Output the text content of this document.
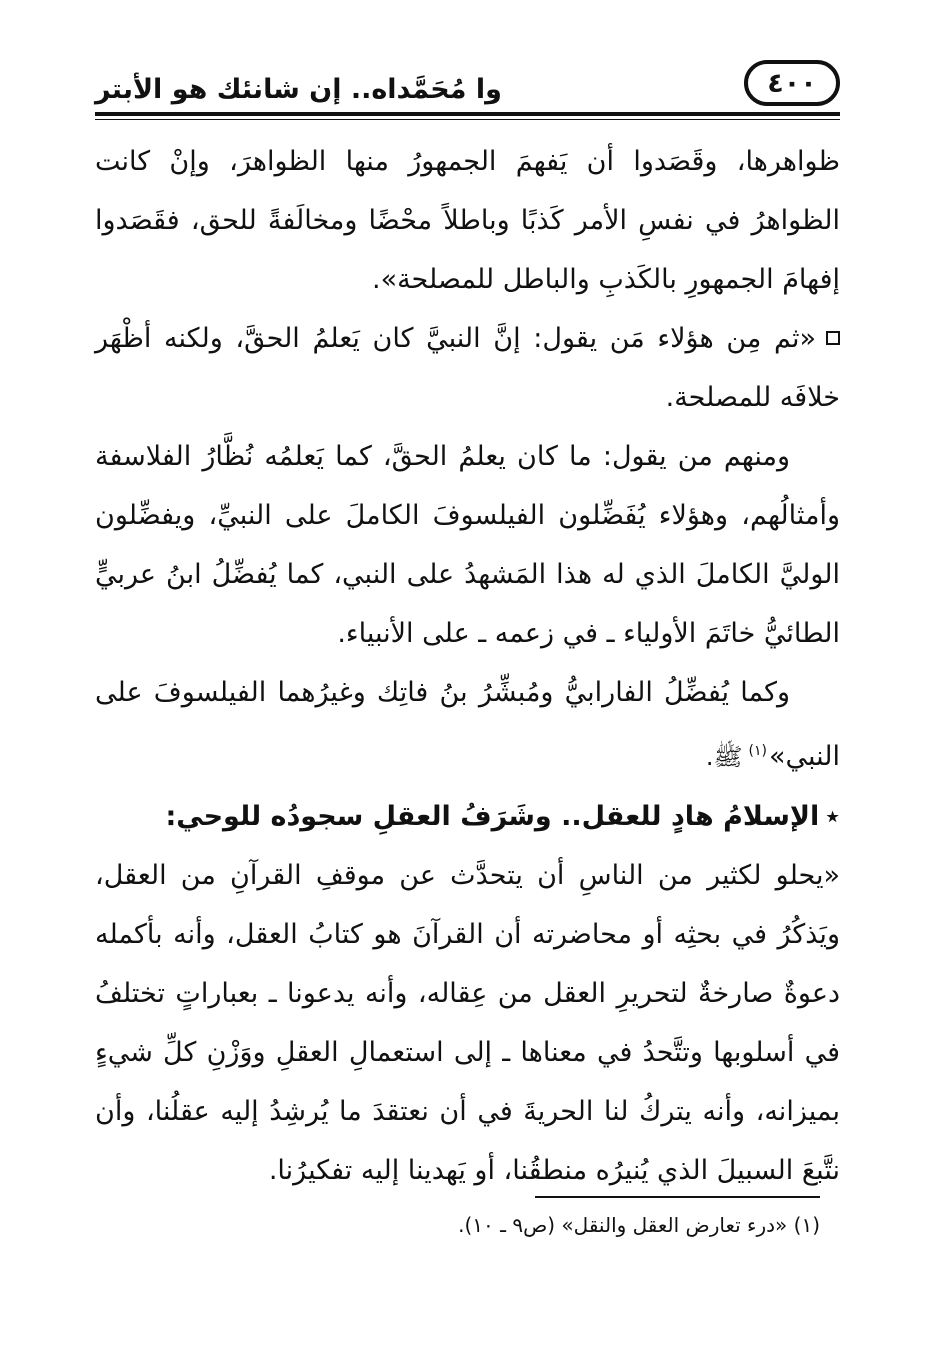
٤٠٠
وا مُحَمَّداه.. إن شانئك هو الأبتر

ظواهرها، وقَصَدوا أن يَفهمَ الجمهورُ منها الظواهرَ، وإنْ كانت الظواهرُ في نفسِ الأمر كَذبًا وباطلاً محْضًا ومخالَفةً للحق، فقَصَدوا إفهامَ الجمهورِ بالكَذبِ والباطل للمصلحة».

«ثم مِن هؤلاء مَن يقول: إنَّ النبيَّ كان يَعلمُ الحقَّ، ولكنه أظْهَر خلافَه للمصلحة.

ومنهم من يقول: ما كان يعلمُ الحقَّ، كما يَعلمُه نُظَّارُ الفلاسفة وأمثالُهم، وهؤلاء يُفَضِّلون الفيلسوفَ الكاملَ على النبيِّ، ويفضِّلون الوليَّ الكاملَ الذي له هذا المَشهدُ على النبي، كما يُفضِّلُ ابنُ عربيٍّ الطائيُّ خاتَمَ الأولياء ـ في زعمه ـ على الأنبياء.

وكما يُفضِّلُ الفارابيُّ ومُبشِّرُ بنُ فاتِك وغيرُهما الفيلسوفَ على النبي»$^{(١)}$ﷺ.

٭الإسلامُ هادٍ للعقل.. وشَرَفُ العقلِ سجودُه للوحي:

«يحلو لكثير من الناسِ أن يتحدَّث عن موقفِ القرآنِ من العقل، ويَذكُرُ في بحثِه أو محاضرته أن القرآنَ هو كتابُ العقل، وأنه بأكمله دعوةٌ صارخةٌ لتحريرِ العقل من عِقاله، وأنه يدعونا ـ بعباراتٍ تختلفُ في أسلوبها وتتَّحدُ في معناها ـ إلى استعمالِ العقلِ ووَزْنِ كلِّ شيءٍ بميزانه، وأنه يتركُ لنا الحريةَ في أن نعتقدَ ما يُرشِدُ إليه عقلُنا، وأن نتَّبعَ السبيلَ الذي يُنيرُه منطقُنا، أو يَهدينا إليه تفكيرُنا.

(١) «درء تعارض العقل والنقل» (ص٩ ـ ١٠).
